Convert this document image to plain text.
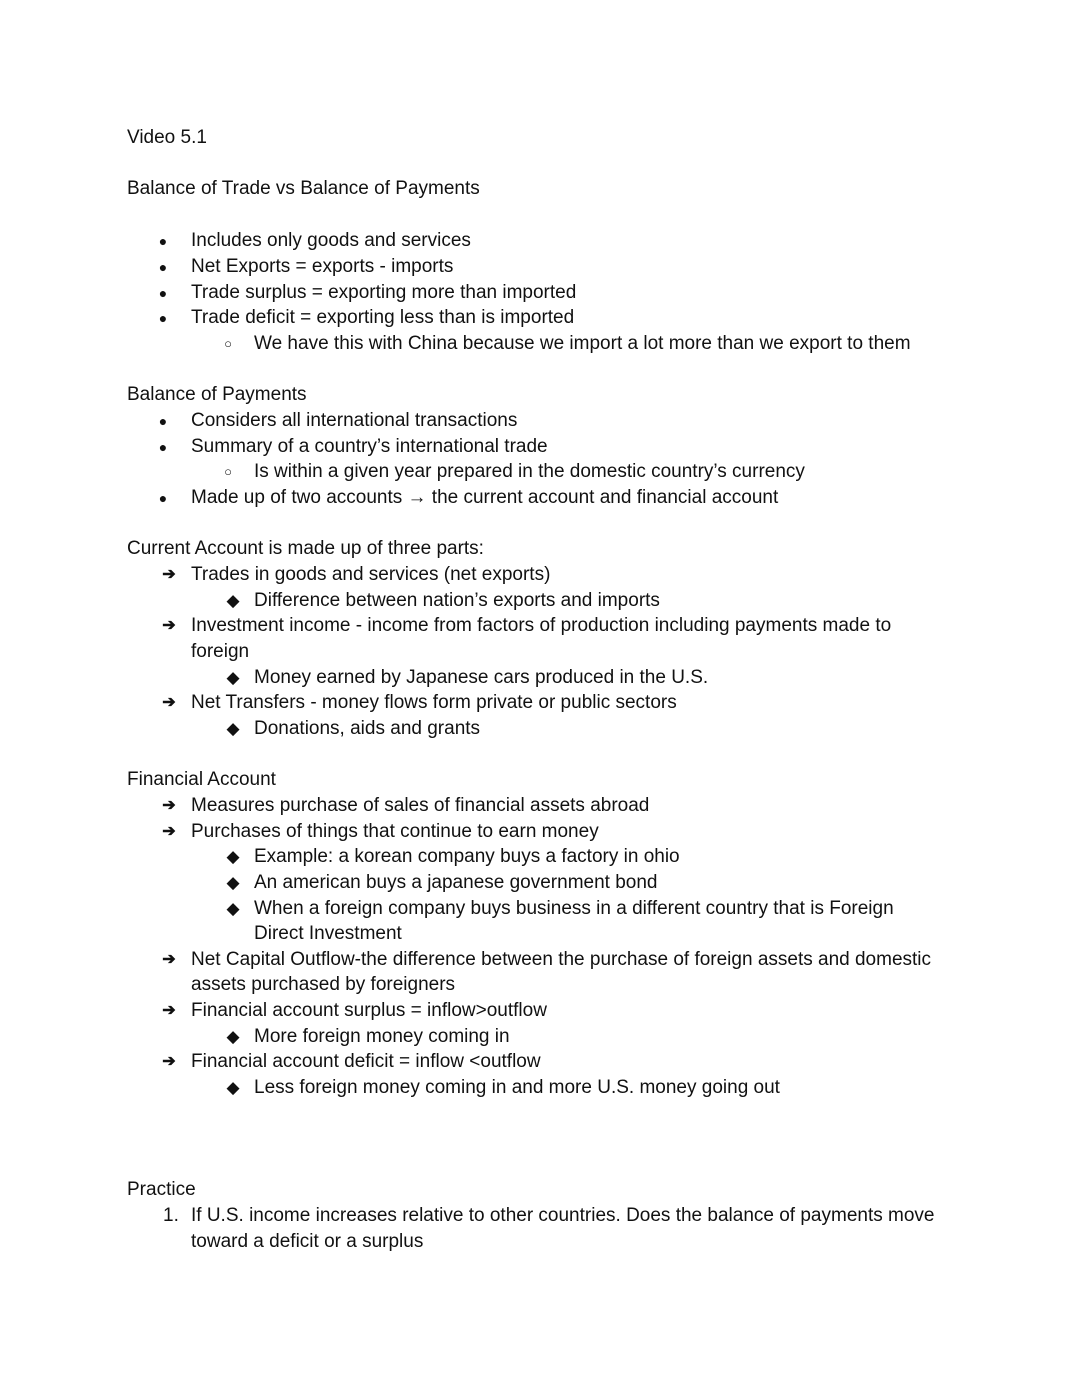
Video 5.1
Balance of Trade vs Balance of Payments
● Includes only goods and services
● Net Exports = exports - imports
● Trade surplus = exporting more than imported
● Trade deficit = exporting less than is imported
○ We have this with China because we import a lot more than we export to them
Balance of Payments
● Considers all international transactions
● Summary of a country’s international trade
○ Is within a given year prepared in the domestic country’s currency
● Made up of two accounts → the current account and financial account
Current Account is made up of three parts:
➔ Trades in goods and services (net exports)
◆ Difference between nation’s exports and imports
➔ Investment income - income from factors of production including payments made to
foreign
◆ Money earned by Japanese cars produced in the U.S.
➔ Net Transfers - money flows form private or public sectors
◆ Donations, aids and grants
Financial Account
➔ Measures purchase of sales of financial assets abroad
➔ Purchases of things that continue to earn money
◆ Example: a korean company buys a factory in ohio
◆ An american buys a japanese government bond
◆ When a foreign company buys business in a different country that is Foreign
Direct Investment
➔ Net Capital Outflow-the difference between the purchase of foreign assets and domestic
assets purchased by foreigners
➔ Financial account surplus = inflow>outflow
◆ More foreign money coming in
➔ Financial account deficit = inflow <outflow
◆ Less foreign money coming in and more U.S. money going out
Practice
1. If U.S. income increases relative to other countries. Does the balance of payments move
toward a deficit or a surplus
